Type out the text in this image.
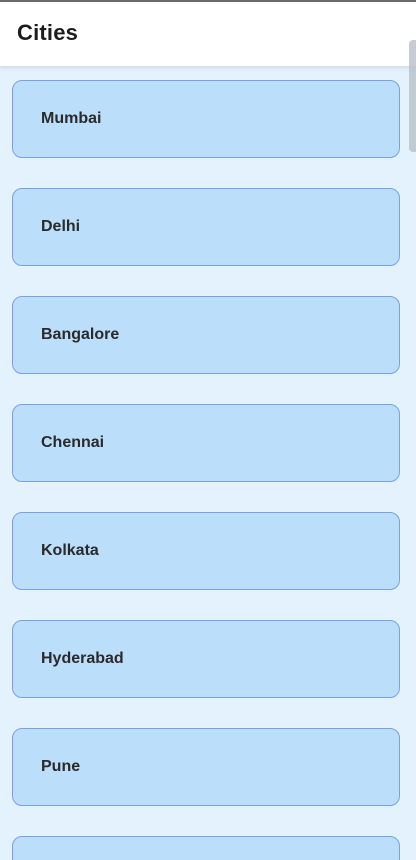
Cities
Mumbai
Delhi
Bangalore
Chennai
Kolkata
Hyderabad
Pune
